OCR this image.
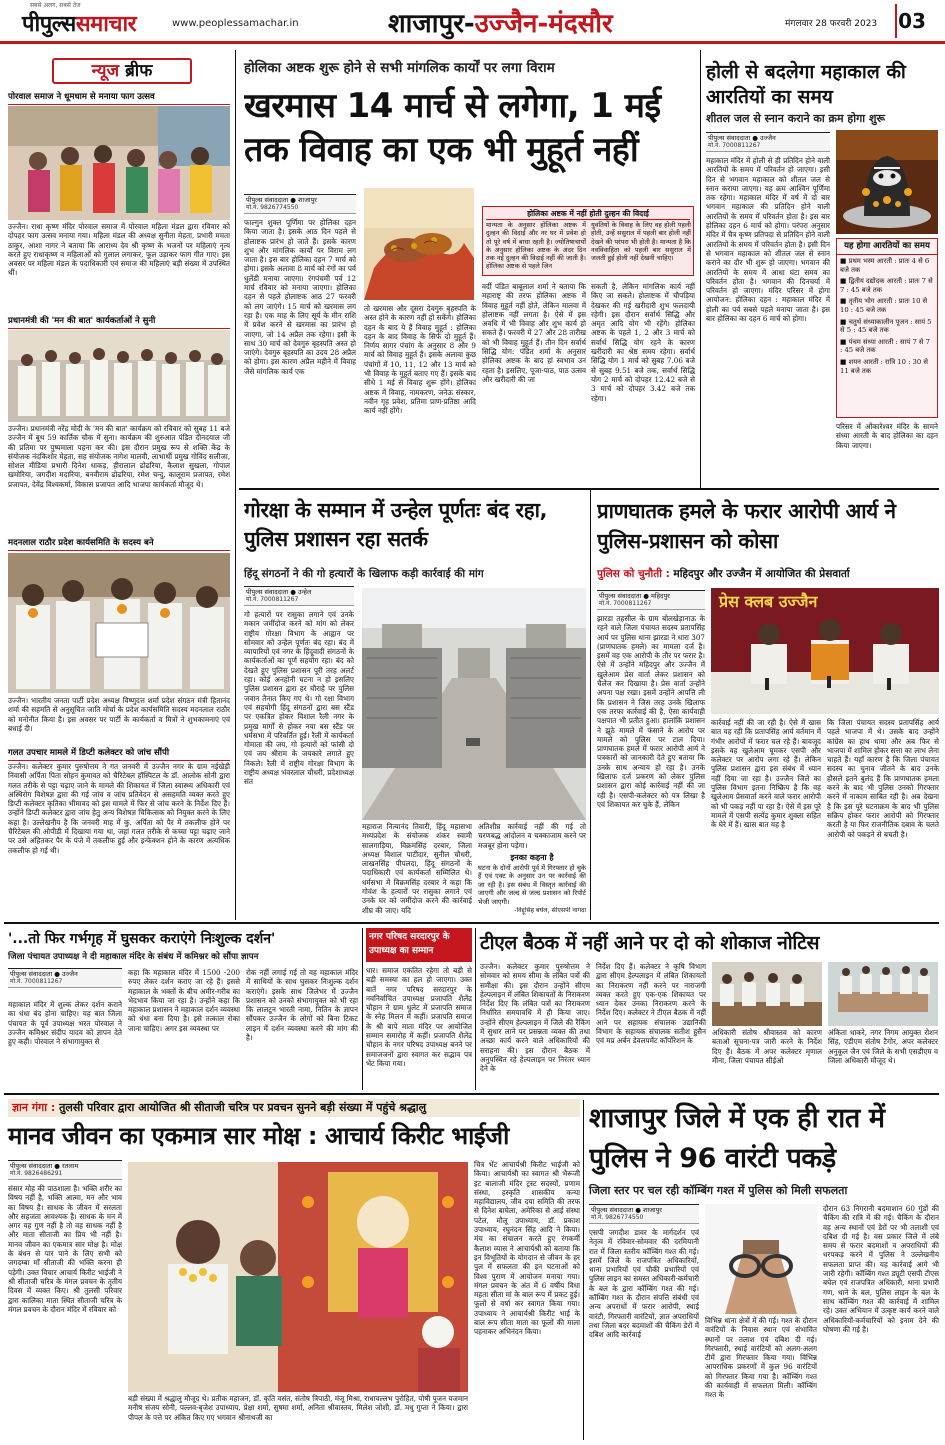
सबसे अलग, सबसे तेज
पीपुल्ससमाचार	www.peoplessamachar.in	शाजापुर-उज्जैन-मंदसौर	मंगलवार 28 फरवरी 2023 03
न्यूज ब्रीफ
पोरवाल समाज ने धूमधाम से मनाया फाग उत्सव
उज्जैन। राधा कृष्ण मंदिर पोरवाल समाज में पोरवाल महिला मंडल द्वारा रविवार को दोपहर फाग उत्सव मनाया गया। महिला मंडल की अध्यक्ष सुनीता मेहता, प्रभारी ममता ठाकुर, आशा नागर ने बताया कि आराध्य देव श्री कृष्ण के भजनों पर महिलाएं नृत्य करते हुए राधाकृष्ण व महिलाओं को गुलाल लगाकर, फूल उड़ाकर फाग गीत गाए। इस अवसर पर महिला मंडल के पदाधिकारी एवं समाज की महिलाएं बड़ी संख्या में उपस्थित थीं।
प्रधानमंत्री की 'मन की बात' कार्यकर्ताओं ने सुनी
उज्जैन। प्रधानमंत्री नरेंद्र मोदी के 'मन की बात' कार्यक्रम को रविवार को सुबह 11 बजे उज्जैन में बूथ 59 कार्तिक चौक में सुना। कार्यक्रम की शुरुआत पंडित दीनदयाल जी की प्रतिमा पर पुष्पमाला पहना कर की। इस दौरान प्रमुख रूप से शक्ति केंद्र के संयोजक नंदकिशोर मेहता, सह संयोजक नागेश मालवी, लाभार्थी प्रमुख गोविंद सलीजा, सोशल मीडिया प्रभारी दिनेश धाकड़, हीरालाल ढोढरिया, कैलाश सुखला, गोपाल खमोरिया, जगदीश मदारिया, बनवीराम ढोढरिया, रमेश चन्दु, कालूराम प्रजापत, रमेश प्रजापत, देवेंद्र विश्वकर्मा, विकास प्रजापत आदि भाजपा कार्यकर्ता मौजूद थे।
मदनलाल राठौर प्रदेश कार्यसमिति के सदस्य बने
उज्जैन। भारतीय जनता पार्टी प्रदेश अध्यक्ष विष्णुदत्त शर्मा प्रदेश संगठन मंत्री हितानंद शर्मा की सहमति से अनुसूचित जाति मोर्चा के प्रदेश कार्यसमिति सदस्य मदनलाल राठौर को मनोनीत किया है। इस अवसर पर पार्टी के कार्यकर्ता व मित्रों ने शुभकामनाएं एवं बधाई दी।
गलत उपचार मामले में डिप्टी कलेक्टर को जांच सौंपी
उज्जैन। कलेक्टर कुमार पुरुषोत्तम ने गत जनवरी में उज्जैन नगर के ग्राम नईखेड़ी निवासी अर्पिता पिता सोहन कुमावत को चैरिटेबल हॉस्पिटल के डॉ. आलोक सोनी द्वारा गलत तरीके से पट्टा चढ़ाए जाने के मामले की शिकायत में जिला स्वास्थ्य अधिकारी एवं अस्थिरोग विशेषज्ञ द्वारा की गई जांच व जांच प्रतिवेदन से असहमति व्यक्त करते हुए डिप्टी कलेक्टर कृतिका भीमावद को इस मामले में फिर से जांच करने के निर्देश दिए हैं। उन्होंने डिप्टी कलेक्टर द्वारा जांच हेतु अन्य विशेषज्ञ चिकित्सक को नियुक्त करने के लिए कहा है। उल्लेखनीय है कि जनवरी माह में कु. अर्पिता को पैर में तकलीफ होने पर चैरिटेबल की ओपीडी में दिखाया गया था, जहां गलत तरीके से कच्चा पट्टा चढ़ाए जाने पर उसे अहितकर पैर के पंजे में तकलीफ हुई और इन्फेक्शन होने के कारण अत्यधिक तकलीफ हो गई थी।
होलिका अष्टक शुरू होने से सभी मांगलिक कार्यों पर लगा विराम
खरमास 14 मार्च से लगेगा, 1 मई तक विवाह का एक भी मुहूर्त नहीं
पीपुल्स संवाददाता ● शाजापुर
मो.नं. 9826774550
फाल्गुन शुक्ल पूर्णिमा पर होलिका दहन किया जाता है। इसके आठ दिन पहले से होलाष्टक प्रारंभ हो जाते हैं। इसके कारण शुभ और मांगलिक कार्यों पर विराम लग जाता है। इस बार होलिका दहन 7 मार्च को होगा। इसके अलावा 8 मार्च को रंगों का पर्व धुलेंडी मनाया जाएगा। रंगपंचमी पर्व 12 मार्च रविवार को मनाया जाएगा। होलिका दहन से पहले होलाष्टक आठ 27 फरवरी को लग जाएंगे। 15 मार्च को खरमास लग रहा है। एक माह के लिए सूर्य के मीन राशि में प्रवेश करने से खरमास का प्रारंभ हो जाएगा, जो 14 अप्रैल तक रहेगा। इसी के साथ 30 मार्च को देवगुरु बृहस्पति अस्त हो जाएंगे। देवगुरु बृहस्पति का उदय 28 अप्रैल को होगा। इस कारण अप्रैल महीने में विवाह जैसे मांगलिक कार्य एक
तो खरमास और दूसरा देवगुरु बृहस्पति के अस्त होने के कारण नहीं हो सकेंगे। होलिका दहन के बाद ये हैं विवाह मुहूर्त : होलिका दहन के बाद विवाह के सिर्फ दो मुहूर्त हैं। निर्णय सागर पंचांग के अनुसार 8 और 9 मार्च को विवाह मुहूर्त हैं। इसके अलावा कुछ पंचांगों में 10, 11, 12 और 13 मार्च को भी विवाह के मुहूर्त बताए गए हैं। इसके बाद सीधे 1 मई से विवाह शुरू होंगे। होलिका अष्टक में विवाह, नामकरण, जनेऊ संस्कार, नवीन गृह प्रवेश, प्रतिमा प्राण-प्रतिष्ठा आदि कार्य नहीं होंगे।
होलिका अष्टक में नहीं होती दुल्हन की विदाई
मान्यता के अनुसार होलिका अष्टक में दुल्हन की विदाई और नर घर में प्रवेश हो तो पूरे वर्ष में बाधा रहती है। ज्योतिषाचार्यों के अनुसार होलिका अष्टक के अंदर दिन तक नई दुल्हन की विदाई नहीं की जाती है। होलिका अष्टक से पहले जिन
युवतियों के विवाह के लिए वह होली पहली होती, उन्हें ससुराल में पहली बार होली नहीं देखने की परंपरा भी होती है। मान्यता है कि नवविवाहिता को पहली बार ससुराल में जलती हुई होली नहीं देखनी चाहिए।
वर्दी पंडित बाबूलाल शर्मा ने बताया कि महाराष्ट्र की तरफ होलिका अष्टक में विवाह मुहूर्त नहीं होते, लेकिन मालवा में होलाष्टक नहीं लगता है। ऐसे में इस अवधि में भी विवाह और शुभ कार्य हो सकते हैं। फरवरी में 27 और 28 तारीख को भी विवाह मुहूर्त हैं। तीन दिन सर्वार्थ सिद्धि योग: पंडित शर्मा के अनुसार होलिका अष्टक के बाद हां स्वभाव उन रहता है। इसलिए, पूजा-पाठ, पाठ उत्सव और खरीदारी की जा
सकती है, लेकिन मांगलिक कार्य नहीं किए जा सकते। होलाष्टक में चौपड़िया देखकर की गई खरीदारी शुभ फलदायी रहेगी। इस दौरान सर्वार्थ सिद्धि और अमृत आदि योग भी रहेंगे। होलिका अष्टक के पहले 1, 2 और 3 मार्च को सर्वार्थ सिद्धि योग रहने के कारण खरीदारी का श्रेष्ठ समय रहेगा। सर्वार्थ सिद्धि योग 1 मार्च को सुबह 7.06 बजे से सुबह 9.51 बजे तक, सर्वार्थ सिद्धि योग 2 मार्च को दोपहर 12.42 बजे से 3 मार्च को दोपहर 3.42 बजे तक रहेगा।
होली से बदलेगा महाकाल की आरतियों का समय
शीतल जल से स्नान कराने का क्रम होगा शुरू
पीपुल्स संवाददाता ● उज्जैन
मो.नं. 7000811267
महाकाल मंदिर में होली से ही प्रतिदिन होने वाली आरतियों के समय में परिवर्तन हो जाएगा। इसी दिन से भगवान महाकाल को शीतल जल से स्नान कराया जाएगा। यह क्रम आश्विन पूर्णिमा तक रहेगा। महाकाल मंदिर में वर्ष में दो बार भगवान महाकाल की प्रतिदिन होने वाली आरतियों के समय में परिवर्तन होता है। इस बार होलिका दहन 6 मार्च को होगा। परंपरा अनुसार मंदिर में चैत्र कृष्ण प्रतिपदा से प्रतिदिन होने वाली आरतियों के समय में परिवर्तन होता है। इसी दिन से भगवान महाकाल को शीतल जल से स्नान कराने का दौर भी शुरू हो जाएगा। भगवान की आरतियों के समय में आधा घंटा समय का परिवर्तन होता है। भगवान की दिनचर्या में परिवर्तन हो जाएगा। मंदिर परिसर में होगा आयोजन: होलिका दहन : महाकाल मंदिर में होली का पर्व सबसे पहले मनाया जाता है। इस बार होलिका का दहन 6 मार्च को होगा।
यह होगा आरतियों का समय
■ प्रथम भस्म आरती : प्रातः 4 से 6 बजे तक
■ द्वितीय दद्योदक आरती : प्रातः 7 से 7 : 45 बजे तक
■ तृतीय भोग आरती : प्रातः 10 से 10 : 45 बजे तक
■ चतुर्थ संध्याकालीन पूजन : सायं 5 से 5 : 45 बजे तक
■ पंचम संध्या आरती : सायं 7 से 7 : 45 बजे तक
■ शयन आरती : रात्रि 10 : 30 से 11 बजे तक
परिसर में ओंकारेश्वर मंदिर के सामने संध्या आरती के बाद होलिका का दहन किया जाएगा।
गोरक्षा के सम्मान में उन्हेल पूर्णतः बंद रहा, पुलिस प्रशासन रहा सतर्क
हिंदू संगठनों ने की गो हत्यारों के खिलाफ कड़ी कार्रवाई की मांग
पीपुल्स संवाददाता ● उन्हेल
मो.नं. 7000811267
गो हत्यारों पर रासुका लगाने एवं उनके मकान जमींदोज करने को मांग को लेकर राष्ट्रीय गोरक्षा विभाग के आह्वान पर सोमवार को उन्हेल पूर्णतः बंद रहा। बंद में व्यापारियों एवं नगर के हिंदूवादी संगठनों के कार्यकर्ताओं का पूर्ण सहयोग रहा। बंद को देखते हुए पुलिस प्रशासन पूरी तरह अलर्ट रहा। कोई अनहोनी घटना न हो इसलिए पुलिस प्रशासन द्वारा हर चौराहे पर पुलिस जवान तैनात किए गए थे। गो रक्षा विभाग एवं सहयोगी हिंदू संगठनों द्वारा बस स्टैंड पर एकत्रित होकर विशाल रैली नगर के प्रमुख मार्गों से होकर नया बस स्टैंड पर धर्मसभा में परिवर्तित हुई। रैली में कार्यकर्ता गोमाता की जय, गो हत्यारों को फांसी दो एवं जय श्रीराम के जयकारे लगाते हुए निकले। रैली में राष्ट्रीय गोरक्षा विभाग के राष्ट्रीय अध्यक्ष भंवरलाल चौधरी, प्रदेशाध्यक्ष संत
महाराज नित्यानंद तिवारी, हिंदू महासभा मध्यप्रदेश के संयोजक शंकर स्वामी सालगाड़िया, विक्रमसिंह दरबार, जिला अध्यक्ष विशाल पाटीदार, सुनील चौधरी, लाखनसिंह पीपलदा, हिंदू संगठनों के पदाधिकारी एवं कार्यकर्ता सम्मिलित थे। धर्मसभा में विक्रमसिंह दरबार ने कहा कि गोवंश के हत्यारों पर रासुका लगाने एवं उनके घर को जमींदोज करने की कार्रवाई शीघ्र की जाए। यदि
अतिशीघ्र कार्रवाई नहीं की गई तो चरणबद्ध आंदोलन व चक्काजाम करने पर मजबूर होना पड़ेगा।
इनका कहना है
घटना के दोनों आरोपी पूर्व में गिरफ्तार हो चुके हैं एवं एक्ट के अनुसार उन पर कार्रवाई की जा रही है। इस संबंध में विस्तृत कार्रवाई की जाएगी और जल्द से जल्द प्रशासन को रिपोर्ट भेजी जाएगी।
-विद्दूसिंह बघेल, सीएसपी नागदा
प्राणघातक हमले के फरार आरोपी आर्य ने पुलिस-प्रशासन को कोसा
पुलिस को चुनौती : महिदपुर और उज्जैन में आयोजित की प्रेसवार्ता
पीपुल्स संवाददाता ● महिदपुर
मो.नं. 7000811267
झारडा तहसील के ग्राम बोलखेड़ानाऊ के रहने वाले जिला पंचायत सदस्य प्रतापसिंह आर्य पर पुलिस थाना झारडा ने धारा 307 (प्राणघातक हमले) का मामला दर्ज है। इसमें वह एक आरोपी के तौर पर फरार है। ऐसे में उन्होंने महिदपुर और उज्जैन में खुलेआम प्रेस वार्ता लेकर प्रशासन को चैलेंज कर दिखाया है। प्रेस वार्ता उन्होंने अपना पक्ष रखा। इसमें उन्होंने आपत्ति ली कि प्रशासन ने जिस तरह उनके खिलाफ एक तरफा कार्रवाई की है, ऐसा कार्यवाही पक्षपात भी प्रतीत हुआ। हालांकि प्रशासन ने झूठे मामले में फंसाने के आरोप पर मामले को पुलिस पर टाल दिया। प्राणघातक हमले में फरार आरोपी आर्य ने पत्रकारों को जानकारी देते हुए बताया कि उनके साथ अन्याय हो रहा है। उनके खिलाफ दर्ज प्रकरण को लेकर पुलिस प्रशासन द्वारा कोई कार्रवाई नहीं की जा रही है। एसपी-कलेक्टर को पत्र लिखा है एवं शिकायत कर चुके हैं, लेकिन
प्रेस क्लब उज्जैन
कार्रवाई नहीं की जा रही है। ऐसे में खास बात यह रही कि प्रतापसिंह आर्य वर्तमान में गंभीर आरोपों में फरार चल रहे हैं। बावजूद इसके वह खुलेआम घूमकर एसपी और कलेक्टर पर आरोप लगा रहे हैं। लेकिन पुलिस प्रशासन द्वारा इस संबंध में ध्यान नहीं दिया जा रहा है। उज्जैन जिले का पुलिस विभाग इतना निष्क्रिय है कि वह खुलेआम प्रेसवार्ता करने वाले फरार आरोपी को भी पकड़ नहीं पा रहा है। ऐसे में इस पूरे मामले में एसपी सत्येंद्र कुमार शुक्ला सहित के घेरे में हैं। खास बात यह है
कि जिला पंचायत सदस्य प्रतापसिंह आर्य पहले भाजपा में थे। उसके बाद उन्होंने कांग्रेस का हाथ थामा और अब फिर से भाजपा में शामिल होकर सत्ता का लाभ लेना चाहते हैं। यहाँ कारण है कि जिला पंचायत सदस्य का चुनाव जीतने के बाद उनके हौसले इतने बुलंद हैं कि प्राणघातक हमला करने के बाद भी पुलिस उनको गिरफ्तार करने में नाकाम साबित रही है। अब देखना है कि इस पूरे घटनाक्रम के बाद भी पुलिस सक्रिय होकर फरार आरोपी को गिरफ्तार करती है या फिर राजनीतिक दबाव के चलते आरोपी को पकड़ने से बचती है।
'...तो फिर गर्भगृह में घुसकर कराएंगे निःशुल्क दर्शन'
जिला पंचायत उपाध्यक्ष ने दी महाकाल मंदिर के संबंध में कमिश्नर को सौंपा ज्ञापन
पीपुल्स संवाददाता ● उज्जैन
मो.नं. 7000811267
महाकाल मंदिर में शुल्क लेकर दर्शन कराने का धंधा बंद होना चाहिए। यह बात जिला पंचायत के पूर्व उपाध्यक्ष भरत पोरवाल ने उज्जैन कमिश्नर संदीप यादव को ज्ञापन देते हुए कही। पोरवाल ने संभागायुक्त से
कहा कि महाकाल मंदिर में 1500 -200 रुपए लेकर दर्शन कराए जा रहे हैं। इससे महाकाल के भक्तों के बीच अमीर-गरीब का भेदभाव किया जा रहा है। उन्होंने कहा कि महाकाल प्रशासन ने महाकाल दर्शन व्यवस्था को धंधा बना दिया है। इसे तत्काल रोका जाना चाहिए। अगर इस व्यवस्था पर
रोक नहीं लगाई गई तो वह महाकाल मंदिर में साथियों के साथ घुसकर निःशुल्क दर्शन कराएंगे। इसके साथ जिलेभर में उज्जैन प्रशासन को उनको संभागायुक्त को भी रहा कि लालटून भारती नामा, नितिन के ज्ञापन सौंपकर उज्जैन के लोगों को बिना टिकट लाइन में दर्शन व्यवस्था करने की मांग की है।
नगर परिषद सरदारपुर के उपाध्यक्ष का सम्मान
धार। समाज एकतित रहेगा तो बड़ी से बड़ी समस्या का हल हो जाएगा। उक्त बातें नगर परिषद सरदारपुर के नवनिर्वाचित उपाध्यक्ष प्रजापति शैलेंद्र चौहान ने ग्राम धुलेट में प्रजापति समाज के स्नेह मिलन में कहीं। प्रजापति समाज के श्री बापे माता मंदिर पर आयोजित सम्मान समारोह में कहीं। प्रजापति शैलेंद्र चौहान के नगर परिषद उपाध्यक्ष बनने पर समाजजनों द्वारा स्वागत कर सद्भाव पत्र भेंट किया गया।
टीएल बैठक में नहीं आने पर दो को शोकाज नोटिस
उज्जैन। कलेक्टर कुमार पुरुषोत्तम ने सोमवार को समय सीमा के लंबित पत्रों की समीक्षा की। इस दौरान उन्होंने सीएम हेल्पलाइन में लंबित शिकायतों के निराकरण निर्देश दिए कि लंबित पत्रों का निराकरण निर्धारित समयावधि में ही किया जाए। उन्होंने सीएम हेल्पलाइन में जिले की रैंकिंग में सुधार लाने पर प्रसन्नता व्यक्त की तथा अच्छा कार्य करने वाले अधिकारियों की सराहना की। इस दौरान बैठक में अनुपस्थित रहे हेल्पलाइन पर निरंतर ध्यान देने के
निर्देश दिए हैं। कलेक्टर ने कृषि विभाग द्वारा सीएम हेल्पलाइन में लंबित शिकायतों का निराकरण नहीं करने पर नाराजगी व्यक्त करते हुए एक-एक शिकायत पर ध्यान देकर उनका निराकरण करने के निर्देश दिए। कलेक्टर ने टीएल बैठक में नहीं आने पर सहायक संचालक उद्यानिकी विभाग के सहायक संचालक सतीश हुसैन एवं मप्र अर्बन डेवलपमेंट कॉर्पोरेशन के
अधिकारी संतोष श्रीवास्तव को कारण बताओ सूचना-पत्र जारी करने के निर्देश दिए हैं। बैठक में अपर कलेक्टर मृणाल मीना, जिला पंचायत सीईओ
अंकिता धाकरे, नगर निगम आयुक्त रोशन सिंह, एडीएम संतोष टैगोर, अपर कलेक्टर अनुकूल जैन एवं जिले के सभी एसडीएम व जिला अधिकारी मौजूद थे।
ज्ञान गंगा : तुलसी परिवार द्वारा आयोजित श्री सीताजी चरित्र पर प्रवचन सुनने बड़ी संख्या में पहुंचे श्रद्धालु
मानव जीवन का एकमात्र सार मोक्ष : आचार्य किरीट भाईजी
पीपुल्स संवाददाता ● रतलाम
मो.नं. 9826486291
संसार मोह की पाठशाला है। भक्ति शरीर का विषय नहीं है, भक्ति आत्मा, मन और भाव का विषय है। साधक के जीवन में सरलता और सहजता आवश्यक है। साधक के मन में अगर यह गुण नहीं है तो वह साधक नहीं है और माता सीताजी का प्रिय भी नहीं है। मानव जीवन का एकमात्र सार मोक्ष है। मोक्ष के बंधन से पार पाने के लिए सभी को जगदम्बा माँ सीताजी की भक्ति करना ही पड़ेगी। उक्त विचार आचार्य किरीट भाईजी ने श्री सीताजी चरित्र के मंगल प्रवचन के तृतीय दिवस में व्यक्त किए। श्री तुलसी परिवार द्वारा कालिका माता स्थित सीताजी चरित्र के मंगल प्रवचन के दौरान मंदिर में रविवार को
बड़ी संख्या में श्रद्धालु मौजूद थे। प्रतीक महाजन, डॉ. कृति वसंत, संतोष त्रिपाठी, मंजू मिश्रा, राधावल्लभ पुरोहित, पोषी पूजन यजमान मनीष संजय सोनी, पल्लव-बृजेश उपाध्याय, प्रेक्षा शर्मा, सुषमा शर्मा, अनिता श्रीवास्तव, मिलेश जोशी, डॉ. मधु गुप्ता ने किया। द्वारा पीपल के पत्ते पर अंकित किए गए भगवान श्रीनाथजी का
चित्र भेंट आचार्यश्री किरीट भाईजी को किया। आचार्यश्री का स्वागत श्री भैरूजी इट बालाजी मंदिर ट्रस्ट सदस्यों, प्रणाम संस्था, हस्कृति शासकीय कन्या महाविद्यालय, जीव दया समिति की तरफ से दिनेश बाघेला, अमेरिका से आई संस्था पटेल, मौलू उपाध्याय, डॉ. प्रकाश उपाध्याय, रघुनंदन सिंह आदि ने किया। मंच का संचालन करते हुए रंगकर्मी कैलाश व्यास ने आचार्यश्री को बताया कि इन विभूतियों के योगदान से जीवन के हर पुल में सफलता की इन घटनाओं को विश्व पुराण में आयोजन मनाया गया। मंगल प्रवचन के अंत में 6 वर्षीय विधा महता सीता मां के बाल रूप में प्रकट हुई। फूलों से वर्षा कर स्वागत किया गया। उपाध्याय ने आचार्यश्री किरीट भाई के बाल रूप सीता माता का फूलों की माला पहनाकर अभिनंदन किया।
शाजापुर जिले में एक ही रात में पुलिस ने 96 वारंटी पकड़े
जिला स्तर पर चल रही कॉम्बिंग गश्त में पुलिस को मिली सफलता
पीपुल्स संवाददाता ● शाजापुर
मो.नं. 9826774550
एसपी जगदीश डावर के मार्गदर्शन एवं नेतृत्व में रविवार-सोमवार की दरमियानी रात में जिला स्तरीय कॉम्बिंग गश्त की गई। इसमें जिले के राजपत्रित अधिकारियों, थाना प्रभारियों एवं चौकी प्रभारियों एवं पुलिस लाइन का समस्त अधिकारी-कर्मचारी के बल के द्वारा कॉम्बिंग गश्त की गई। कॉम्बिंग गश्त के दौरान संपत्ति संबंधी एवं अन्य अपराधों में फरार आरोपी, स्थाई वारंटी, गिरफ्तारी वारंटियों, ज्ञात अपराधियों तथा जिला बदर बदमाशों की चैकिंग डेरों में दबिश आदि कार्रवाई
विभिन्न थाना क्षेत्रों में की गई। गश्त के दौरान वारंटियों के निवास स्थान एवं संभावित स्थानों पर तलाश एवं दबिश दी गई। गिरफ्तारी, स्थाई वारंटियों को अलग-अलग टीमें द्वारा गिरफ्तार किया गया। विभिन्न आपराधिक प्रकरणों में कुल 96 वारंटियों को गिरफ्तार किया गया है। कॉम्बिंग गश्त की कार्यवाही में सफलता मिली। कॉम्बिंग गश्त के
दौरान 63 निगरानी बदमाशान 60 गुंडों की चैकिंग की रात्रि में की गई। चैकिंग के दौरान वह अन्य स्थानों एवं डेरों पर भी तलाशी एवं दबिश दी गई है। वस प्रकार जिले में लंबे समय से फरार बदमाशों व अपराधियों की धरपकड़ करने में पुलिस ने उल्लेखनीय सफलता प्राप्त की। यह कार्रवाई आगे भी जारी रहेगी। कॉम्बिंग गश्त ड्यूटी एसपी टीएस बघेल एवं राजपत्रित अधिकारी, थाना प्रभारी गण, थाने के बल, पुलिस लाइन के बल के साथ कॉम्बिंग गश्त की कार्रवाई में शामिल रहे। उक्त अभियान में उत्कृष्ट कार्य करने वाले अधिकारियों-कर्मचारियों को इनाम देने की घोषणा की गई है।
